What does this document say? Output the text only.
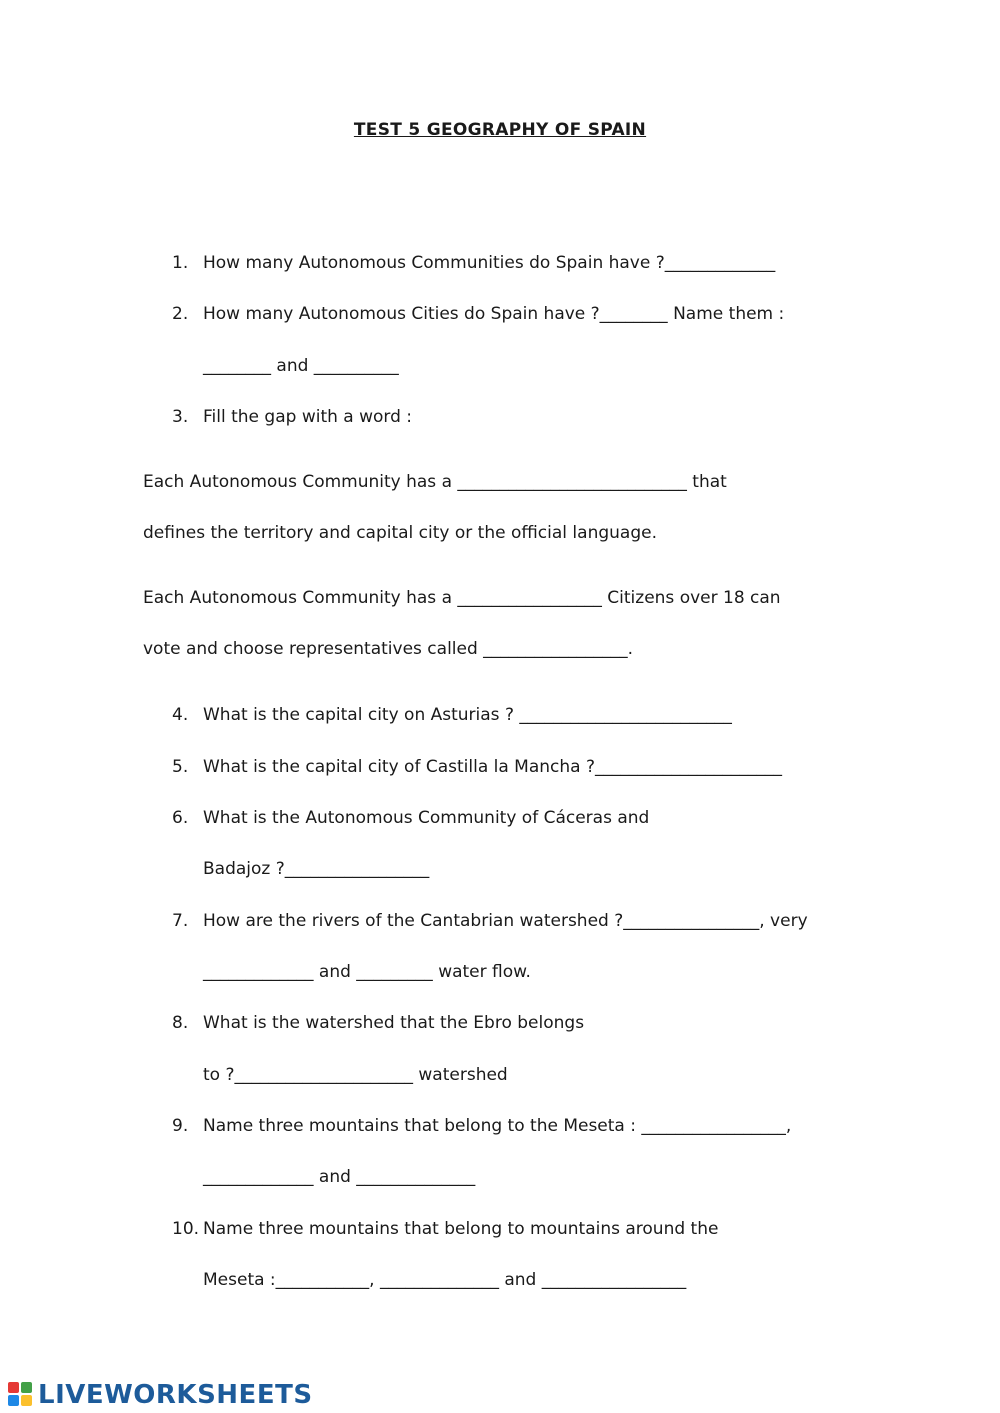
TEST 5 GEOGRAPHY OF SPAIN
1. How many Autonomous Communities do Spain have ?_____________
2. How many Autonomous Cities do Spain have ?________ Name them :
________ and __________
3. Fill the gap with a word :
Each Autonomous Community has a ___________________________ that
defines the territory and capital city or the official language.
Each Autonomous Community has a _________________ Citizens over 18 can
vote and choose representatives called _________________.
4. What is the capital city on Asturias ? _________________________
5. What is the capital city of Castilla la Mancha ?______________________
6. What is the Autonomous Community of Cáceras and
Badajoz ?_________________
7. How are the rivers of the Cantabrian watershed ?________________, very
_____________ and _________ water flow.
8. What is the watershed that the Ebro belongs
to ?_____________________ watershed
9. Name three mountains that belong to the Meseta : _________________,
_____________ and ______________
10. Name three mountains that belong to mountains around the
Meseta :___________, ______________ and _________________
LIVEWORKSHEETS
